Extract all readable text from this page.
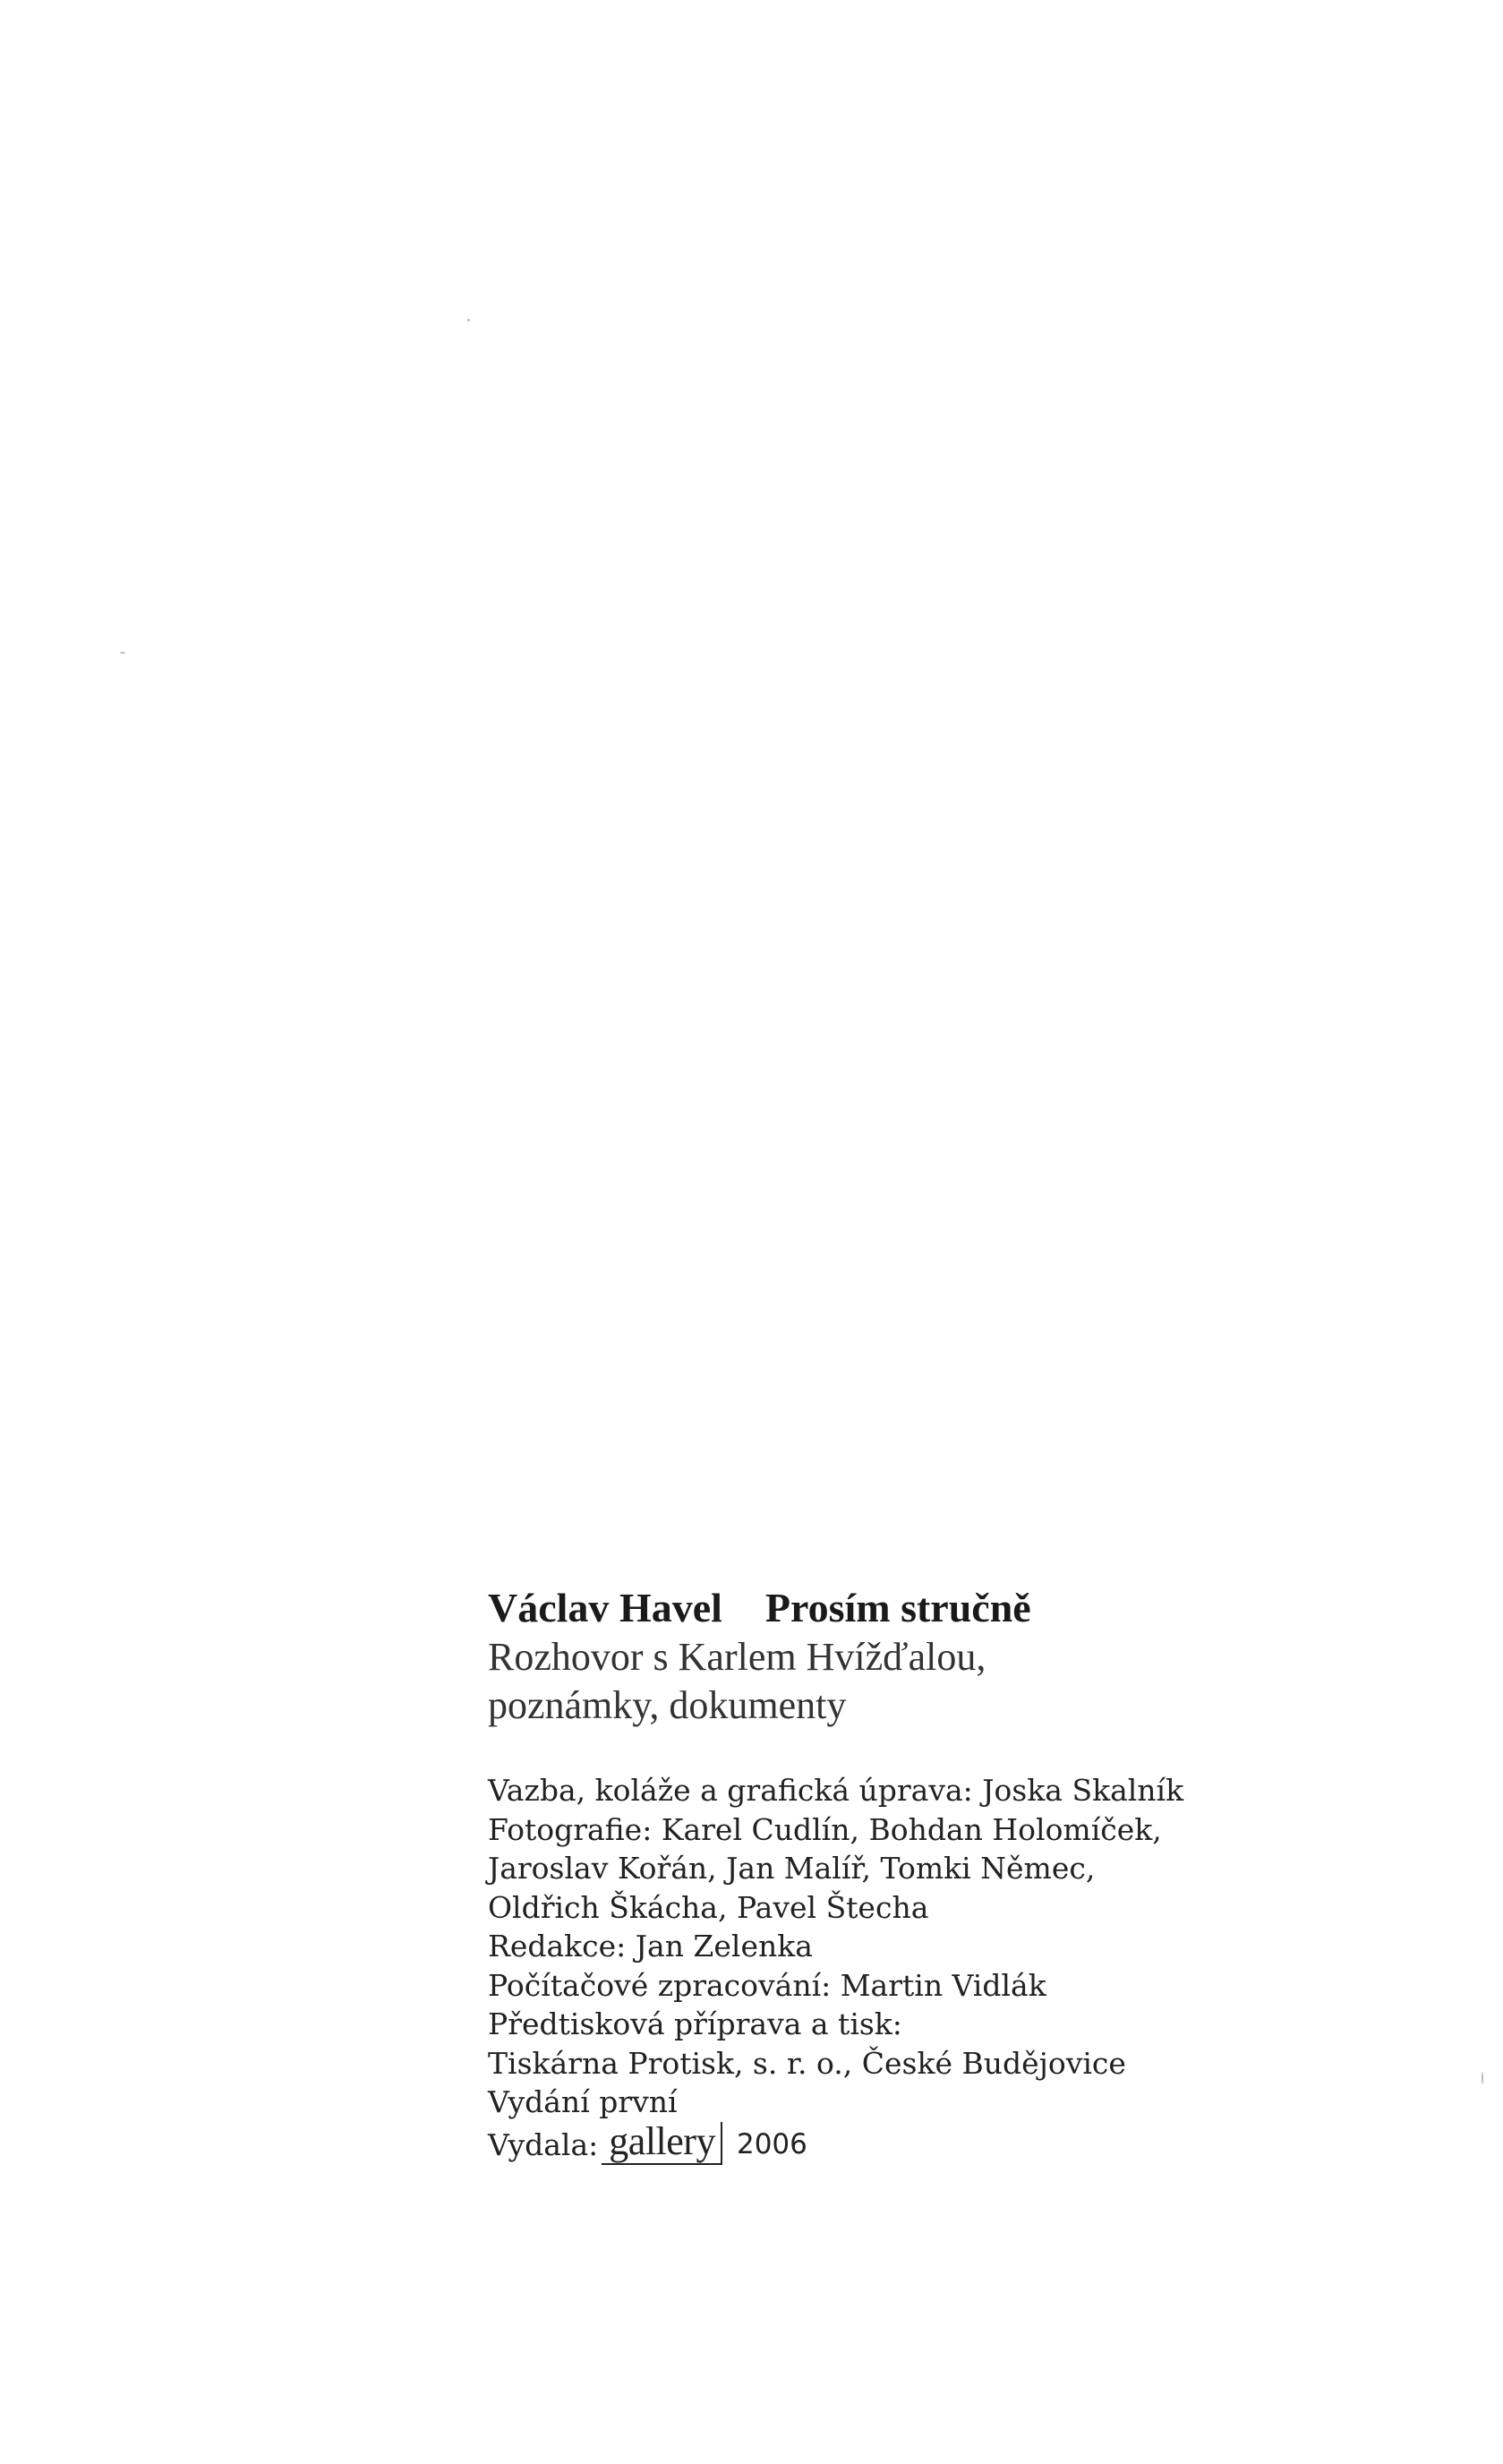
Václav Havel Prosím stručně
Rozhovor s Karlem Hvížďalou,
poznámky, dokumenty
Vazba, koláže a grafická úprava: Joska Skalník
Fotografie: Karel Cudlín, Bohdan Holomíček,
Jaroslav Kořán, Jan Malíř, Tomki Němec,
Oldřich Škácha, Pavel Štecha
Redakce: Jan Zelenka
Počítačové zpracování: Martin Vidlák
Předtisková příprava a tisk:
Tiskárna Protisk, s. r. o., České Budějovice
Vydání první
Vydala: gallery 2006
